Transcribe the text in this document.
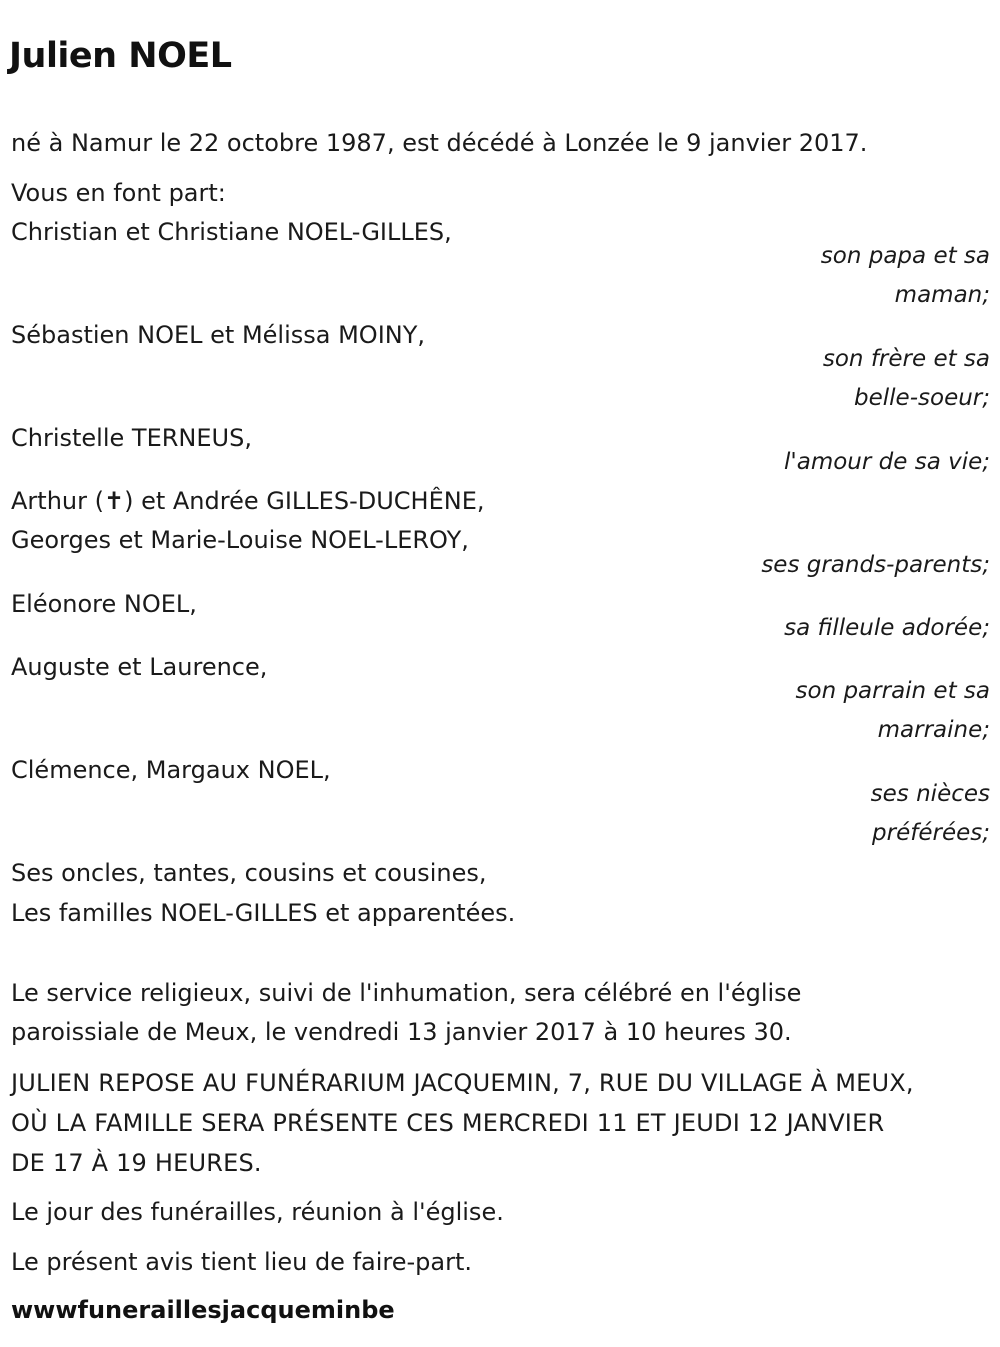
Julien NOEL
né à Namur le 22 octobre 1987, est décédé à Lonzée le 9 janvier 2017.
Vous en font part:
Christian et Christiane NOEL-GILLES,
son papa et sa
maman;
Sébastien NOEL et Mélissa MOINY,
son frère et sa
belle-soeur;
Christelle TERNEUS,
l'amour de sa vie;
Arthur (✝) et Andrée GILLES-DUCHÊNE,
Georges et Marie-Louise NOEL-LEROY,
ses grands-parents;
Eléonore NOEL,
sa filleule adorée;
Auguste et Laurence,
son parrain et sa
marraine;
Clémence, Margaux NOEL,
ses nièces
préférées;
Ses oncles, tantes, cousins et cousines,
Les familles NOEL-GILLES et apparentées.
Le service religieux, suivi de l'inhumation, sera célébré en l'église
paroissiale de Meux, le vendredi 13 janvier 2017 à 10 heures 30.
JULIEN REPOSE AU FUNÉRARIUM JACQUEMIN, 7, RUE DU VILLAGE À MEUX,
OÙ LA FAMILLE SERA PRÉSENTE CES MERCREDI 11 ET JEUDI 12 JANVIER
DE 17 À 19 HEURES.
Le jour des funérailles, réunion à l'église.
Le présent avis tient lieu de faire-part.
wwwfuneraillesjacqueminbe
